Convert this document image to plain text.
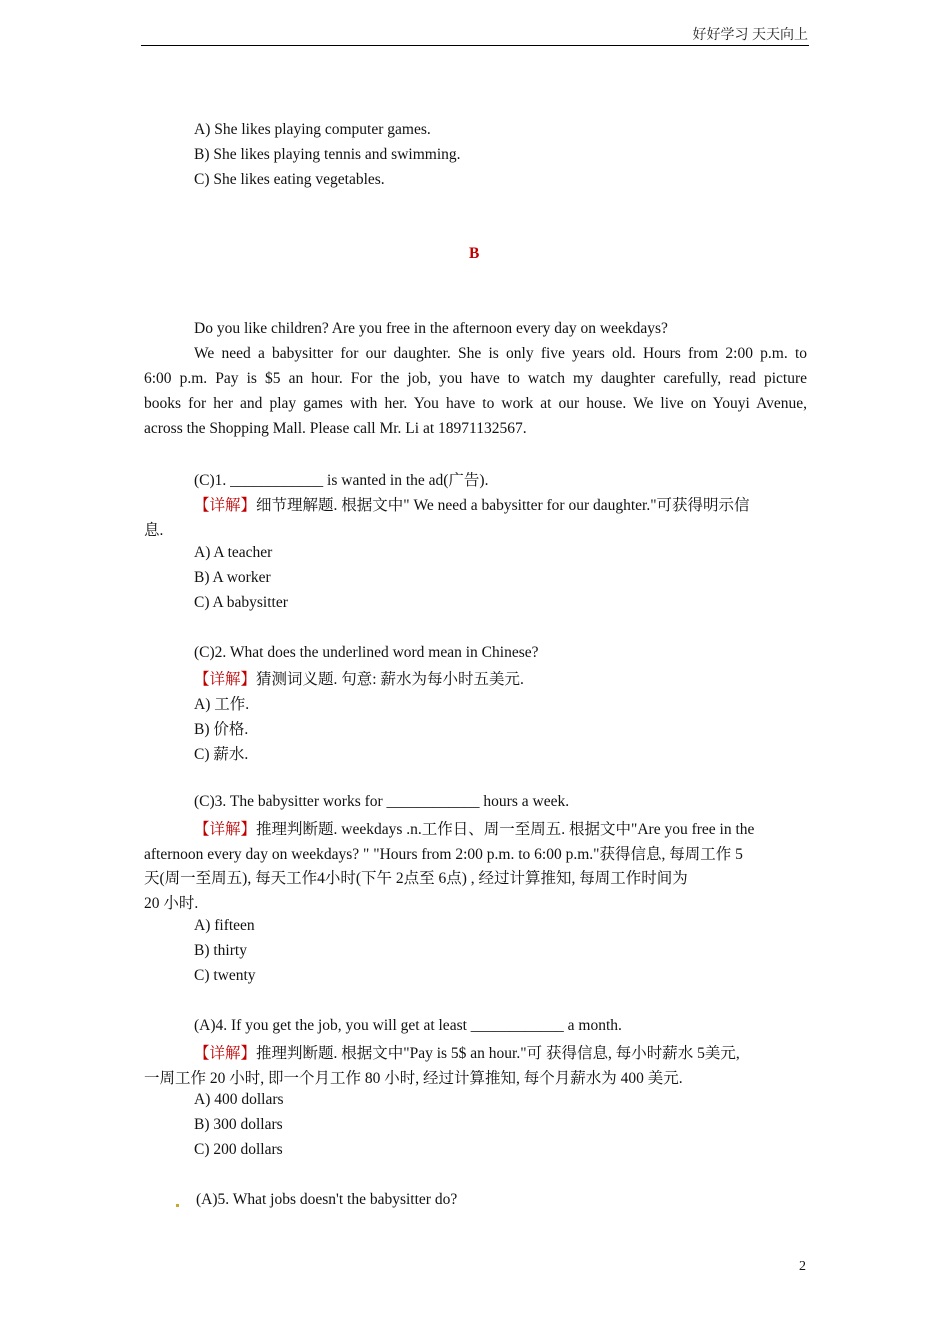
好好学习 天天向上
A) She likes playing computer games.
B) She likes playing tennis and swimming.
C) She likes eating vegetables.
B
Do you like children? Are you free in the afternoon every day on weekdays?
We need a babysitter for our daughter. She is only five years old. Hours from 2:00 p.m. to
6:00 p.m. Pay is $5 an hour. For the job, you have to watch my daughter carefully, read picture
books for her and play games with her. You have to work at our house. We live on Youyi Avenue,
across the Shopping Mall. Please call Mr. Li at 18971132567.
(C)1. ____________ is wanted in the ad(广告).
【详解】细节理解题. 根据文中" We need a babysitter for our daughter."可获得明示信
息.
A) A teacher
B) A worker
C) A babysitter
(C)2. What does the underlined word mean in Chinese?
【详解】猜测词义题. 句意: 薪水为每小时五美元.
A) 工作.
B) 价格.
C) 薪水.
(C)3. The babysitter works for ____________ hours a week.
【详解】推理判断题. weekdays .n.工作日、周一至周五. 根据文中"Are you free in the
afternoon every day on weekdays? " "Hours from 2:00 p.m. to 6:00 p.m."获得信息, 每周工作 5
天(周一至周五), 每天工作4小时(下午 2点至 6点) , 经过计算推知, 每周工作时间为
20 小时.
A) fifteen
B) thirty
C) twenty
(A)4. If you get the job, you will get at least ____________ a month.
【详解】推理判断题. 根据文中"Pay is 5$ an hour."可 获得信息, 每小时薪水 5美元,
一周工作 20 小时, 即一个月工作 80 小时, 经过计算推知, 每个月薪水为 400 美元.
A) 400 dollars
B) 300 dollars
C) 200 dollars
(A)5. What jobs doesn't the babysitter do?
2
